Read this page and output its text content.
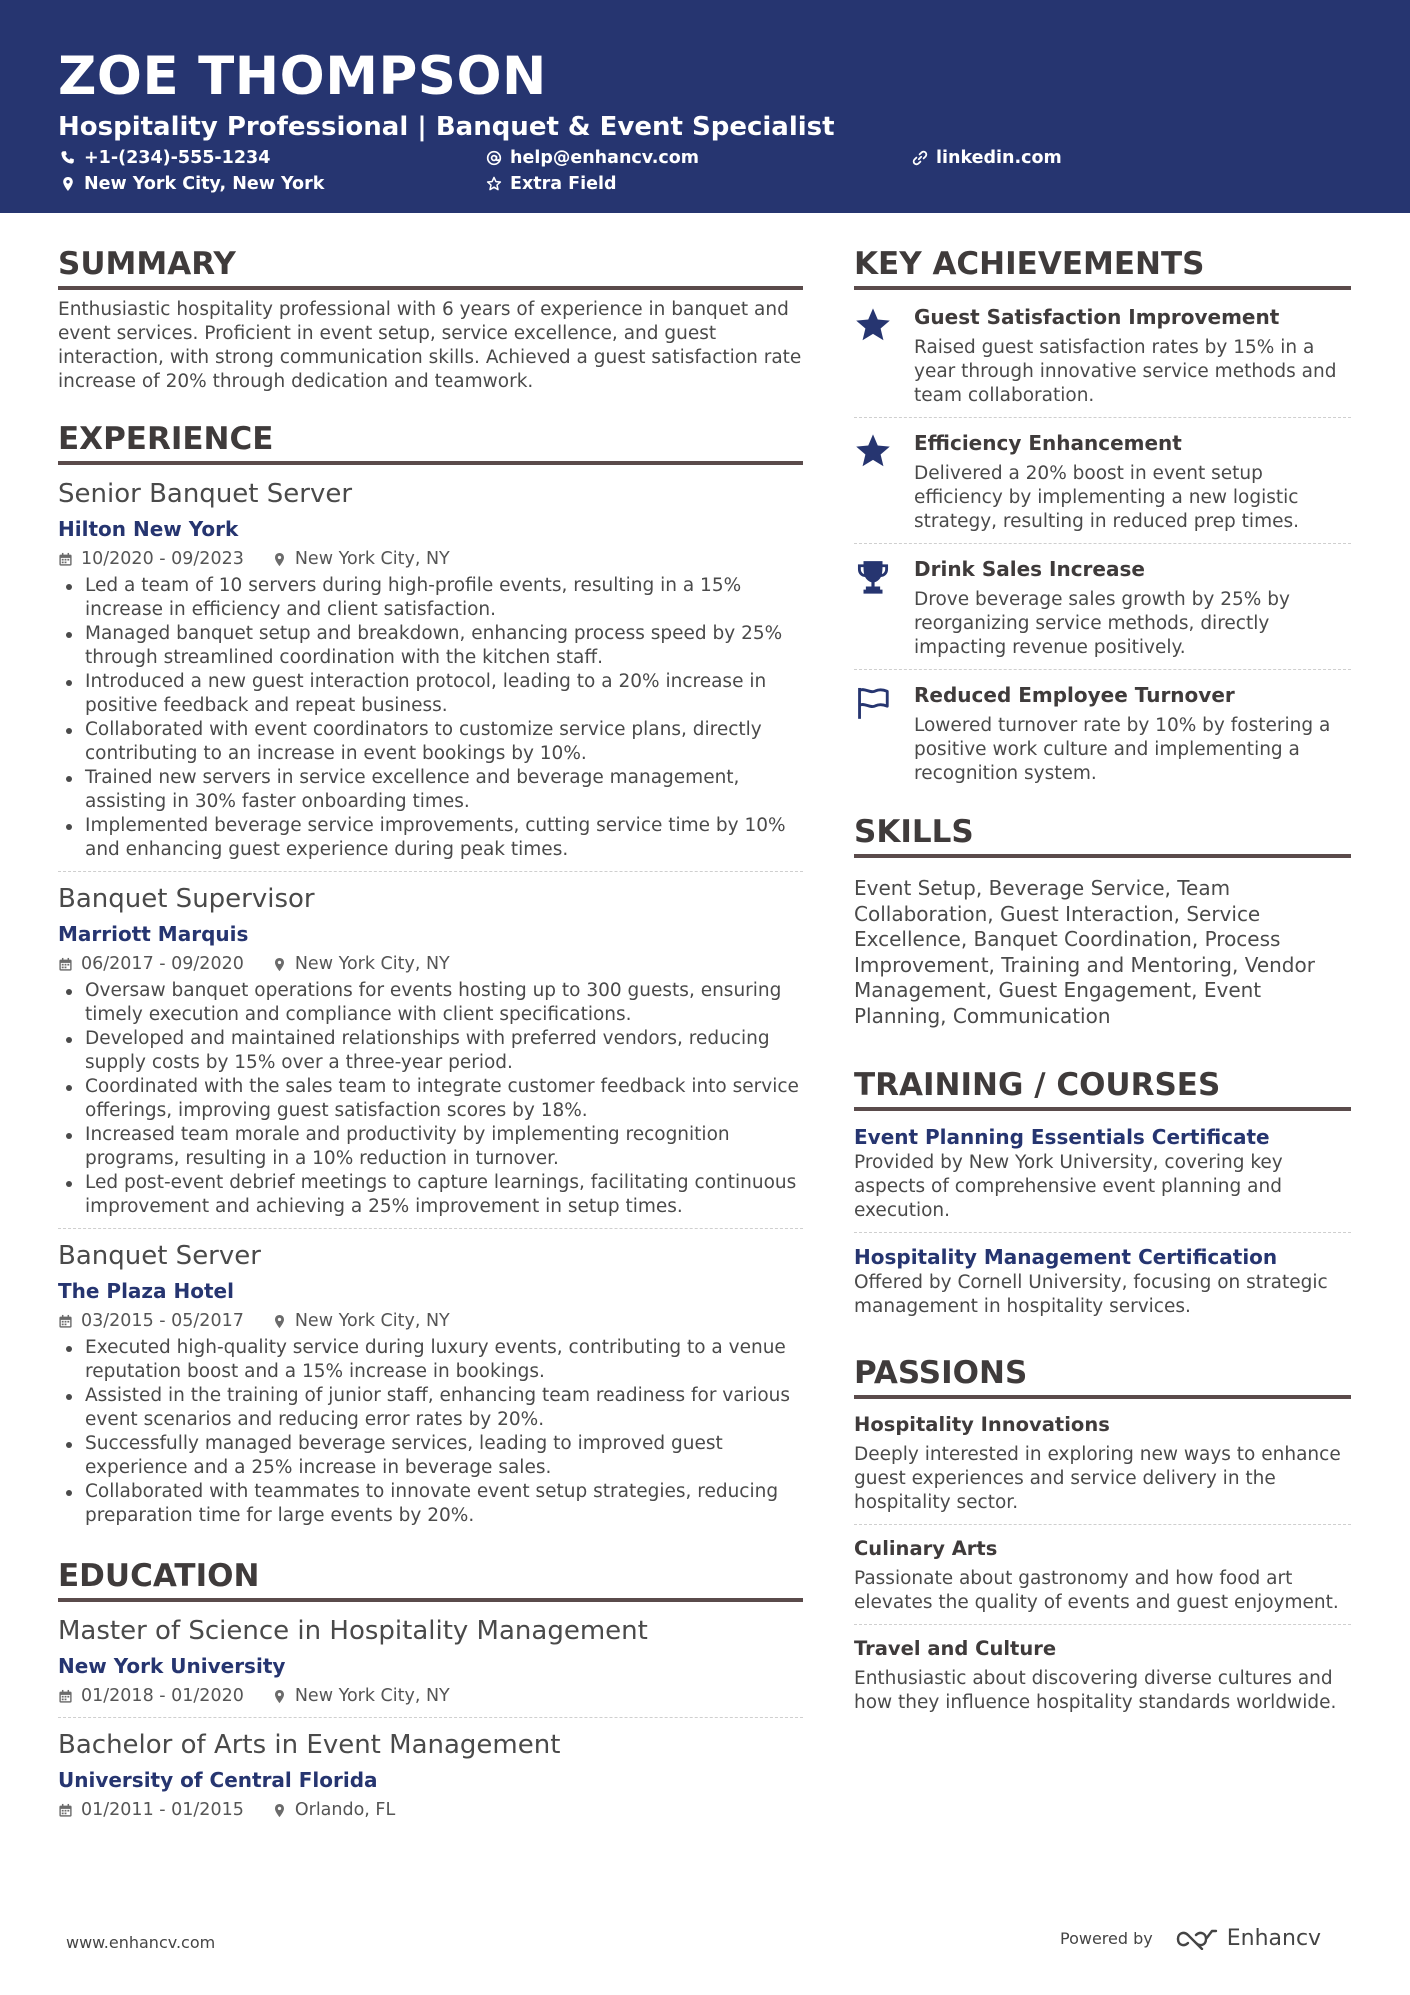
ZOE THOMPSON
Hospitality Professional | Banquet & Event Specialist
+1-(234)-555-1234	help@enhancv.com	linkedin.com
New York City, New York	Extra Field
SUMMARY
Enthusiastic hospitality professional with 6 years of experience in banquet and event services. Proficient in event setup, service excellence, and guest interaction, with strong communication skills. Achieved a guest satisfaction rate increase of 20% through dedication and teamwork.
EXPERIENCE
Senior Banquet Server
Hilton New York
10/2020 - 09/2023	New York City, NY
Led a team of 10 servers during high-profile events, resulting in a 15% increase in efficiency and client satisfaction.
Managed banquet setup and breakdown, enhancing process speed by 25% through streamlined coordination with the kitchen staff.
Introduced a new guest interaction protocol, leading to a 20% increase in positive feedback and repeat business.
Collaborated with event coordinators to customize service plans, directly contributing to an increase in event bookings by 10%.
Trained new servers in service excellence and beverage management, assisting in 30% faster onboarding times.
Implemented beverage service improvements, cutting service time by 10% and enhancing guest experience during peak times.
Banquet Supervisor
Marriott Marquis
06/2017 - 09/2020	New York City, NY
Oversaw banquet operations for events hosting up to 300 guests, ensuring timely execution and compliance with client specifications.
Developed and maintained relationships with preferred vendors, reducing supply costs by 15% over a three-year period.
Coordinated with the sales team to integrate customer feedback into service offerings, improving guest satisfaction scores by 18%.
Increased team morale and productivity by implementing recognition programs, resulting in a 10% reduction in turnover.
Led post-event debrief meetings to capture learnings, facilitating continuous improvement and achieving a 25% improvement in setup times.
Banquet Server
The Plaza Hotel
03/2015 - 05/2017	New York City, NY
Executed high-quality service during luxury events, contributing to a venue reputation boost and a 15% increase in bookings.
Assisted in the training of junior staff, enhancing team readiness for various event scenarios and reducing error rates by 20%.
Successfully managed beverage services, leading to improved guest experience and a 25% increase in beverage sales.
Collaborated with teammates to innovate event setup strategies, reducing preparation time for large events by 20%.
EDUCATION
Master of Science in Hospitality Management
New York University
01/2018 - 01/2020	New York City, NY
Bachelor of Arts in Event Management
University of Central Florida
01/2011 - 01/2015	Orlando, FL
KEY ACHIEVEMENTS
Guest Satisfaction Improvement
Raised guest satisfaction rates by 15% in a year through innovative service methods and team collaboration.
Efficiency Enhancement
Delivered a 20% boost in event setup efficiency by implementing a new logistic strategy, resulting in reduced prep times.
Drink Sales Increase
Drove beverage sales growth by 25% by reorganizing service methods, directly impacting revenue positively.
Reduced Employee Turnover
Lowered turnover rate by 10% by fostering a positive work culture and implementing a recognition system.
SKILLS
Event Setup, Beverage Service, Team Collaboration, Guest Interaction, Service Excellence, Banquet Coordination, Process Improvement, Training and Mentoring, Vendor Management, Guest Engagement, Event Planning, Communication
TRAINING / COURSES
Event Planning Essentials Certificate
Provided by New York University, covering key aspects of comprehensive event planning and execution.
Hospitality Management Certification
Offered by Cornell University, focusing on strategic management in hospitality services.
PASSIONS
Hospitality Innovations
Deeply interested in exploring new ways to enhance guest experiences and service delivery in the hospitality sector.
Culinary Arts
Passionate about gastronomy and how food art elevates the quality of events and guest enjoyment.
Travel and Culture
Enthusiastic about discovering diverse cultures and how they influence hospitality standards worldwide.
www.enhancv.com	Powered by	Enhancv
